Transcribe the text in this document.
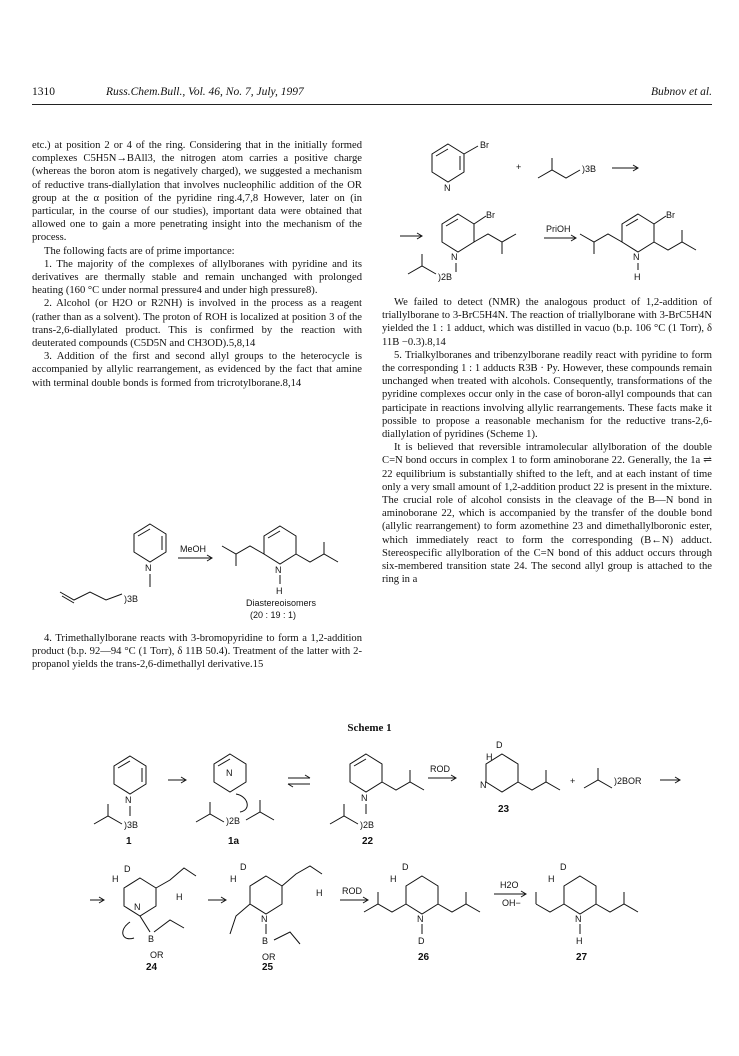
1310	Russ.Chem.Bull., Vol. 46, No. 7, July, 1997	Bubnov et al.

etc.) at position 2 or 4 of the ring. Considering that in the initially formed complexes C5H5N→BAll3, the nitrogen atom carries a positive charge (whereas the boron atom is negatively charged), we suggested a mechanism of reductive trans-diallylation that involves nucleophilic addition of the OR group at the α position of the pyridine ring.4,7,8 However, later on (in particular, in the course of our studies), important data were obtained that allowed one to gain a more penetrating insight into the mechanism of the process.

The following facts are of prime importance:

1. The majority of the complexes of allylboranes with pyridine and its derivatives are thermally stable and remain unchanged with prolonged heating (160 °C under normal pressure4 and under high pressure8).

2. Alcohol (or H2O or R2NH) is involved in the process as a reagent (rather than as a solvent). The proton of ROH is localized at position 3 of the trans-2,6-diallylated product. This is confirmed by the reaction with deuterated compounds (C5D5N and CH3OD).5,8,14

3. Addition of the first and second allyl groups to the heterocycle is accompanied by allylic rearrangement, as evidenced by the fact that amine with terminal double bonds is formed from tricrotylborane.8,14

4. Trimethallylborane reacts with 3-bromopyridine to form a 1,2-addition product (b.p. 92—94 °C (1 Torr), δ 11B 50.4). Treatment of the latter with 2-propanol yields the trans-2,6-dimethallyl derivative.15

We failed to detect (NMR) the analogous product of 1,2-addition of triallylborane to 3-BrC5H4N. The reaction of triallylborane with 3-BrC5H4N yielded the 1 : 1 adduct, which was distilled in vacuo (b.p. 106 °C (1 Torr), δ 11B −0.3).8,14

5. Trialkylboranes and tribenzylborane readily react with pyridine to form the corresponding 1 : 1 adducts R3B · Py. However, these compounds remain unchanged when treated with alcohols. Consequently, transformations of the pyridine complexes occur only in the case of boron-allyl compounds that can participate in reactions involving allylic rearrangements. These facts make it possible to propose a reasonable mechanism for the reductive trans-2,6-diallylation of pyridines (Scheme 1).

It is believed that reversible intramolecular allylboration of the double C=N bond occurs in complex 1 to form aminoborane 22. Generally, the 1a ⇌ 22 equilibrium is substantially shifted to the left, and at each instant of time only a very small amount of 1,2-addition product 22 is present in the mixture. The crucial role of alcohol consists in the cleavage of the B—N bond in aminoborane 22, which is accompanied by the transfer of the double bond (allylic rearrangement) to form azomethine 23 and dimethallylboronic ester, which immediately react to form the corresponding (B←N) adduct. Stereospecific allylboration of the C=N bond of this adduct occurs through six-membered transition state 24. The second allyl group is attached to the ring in a

N
)3B
MeOH
N
H
Diastereoisomers
(20 : 19 : 1)
Br
N
+	)3B
Br
N
)2B
PriOH
Br
N
H
Scheme 1
N
)3B
1
N
)2B
1a
N
)2B
22
ROD
D
H
N
23
+	)2BOR
D
H
N
H
B
OR
24
D
H
N
H
B
OR
25
ROD
D
H
N
D
26
H2O
OH−
D
H
N
H
27
